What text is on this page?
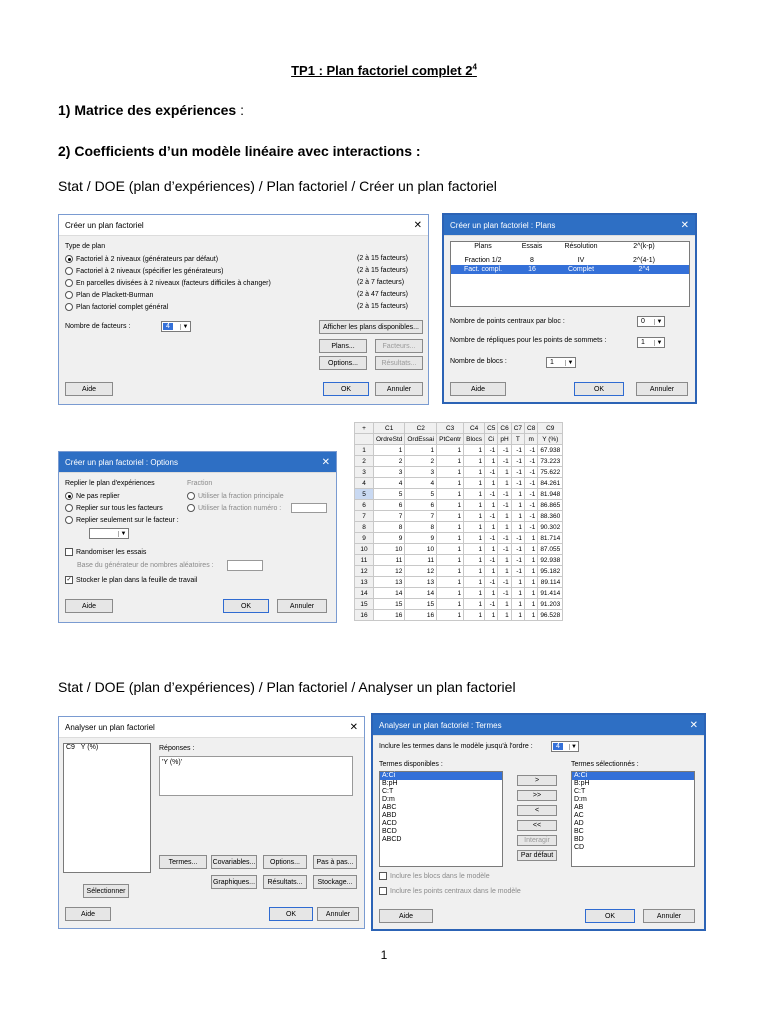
TP1 : Plan factoriel complet $2^4$
1) Matrice des expériences :
2) Coefficients d’un modèle linéaire avec interactions :
Stat / DOE (plan d’expériences) / Plan factoriel / Créer un plan factoriel
Stat / DOE (plan d’expériences) / Plan factoriel / Analyser un plan factoriel
1
Créer un plan factoriel	✕
Type de plan
Factoriel à 2 niveaux (générateurs par défaut)	(2 à 15 facteurs)
Factoriel à 2 niveaux (spécifier les générateurs)	(2 à 15 facteurs)
En parcelles divisées à 2 niveaux (facteurs difficiles à changer)	(2 à 7 facteurs)
Plan de Plackett-Burman	(2 à 47 facteurs)
Plan factoriel complet général	(2 à 15 facteurs)
Nombre de facteurs :	4	▼	Afficher les plans disponibles...
Plans...	Facteurs...
Options...	Résultats...
Aide	OK	Annuler
Créer un plan factoriel : Plans	✕
Plans	Essais	Résolution	2^(k-p)
Fraction 1/2	8	IV	2^(4-1)
Fact. compl.	16	Complet	2^4
Nombre de points centraux par bloc :	0	▼
Nombre de répliques pour les points de sommets :	1	▼
Nombre de blocs :	1	▼
Aide	OK	Annuler
Créer un plan factoriel : Options	✕
Replier le plan d'expériences
Ne pas replier
Replier sur tous les facteurs
Replier seulement sur le facteur :
▼
Fraction
Utiliser la fraction principale
Utiliser la fraction numéro :
Randomiser les essais
Base du générateur de nombres aléatoires :
✓ Stocker le plan dans la feuille de travail
Aide	OK	Annuler
+	C1	C2	C3	C4	C5	C6	C7	C8	C9
	OrdreStd	OrdEssai	PtCentr	Blocs	Ci	pH	T	m	Y (%)
1	1	1	1	1	-1	-1	-1	-1	67.938
2	2	2	1	1	1	-1	-1	-1	73.223
3	3	3	1	1	-1	1	-1	-1	75.622
4	4	4	1	1	1	1	-1	-1	84.261
5	5	5	1	1	-1	-1	1	-1	81.948
6	6	6	1	1	1	-1	1	-1	86.865
7	7	7	1	1	-1	1	1	-1	88.360
8	8	8	1	1	1	1	1	-1	90.302
9	9	9	1	1	-1	-1	-1	1	81.714
10	10	10	1	1	1	-1	-1	1	87.055
11	11	11	1	1	-1	1	-1	1	92.938
12	12	12	1	1	1	1	-1	1	95.182
13	13	13	1	1	-1	-1	1	1	89.114
14	14	14	1	1	1	-1	1	1	91.414
15	15	15	1	1	-1	1	1	1	91.203
16	16	16	1	1	1	1	1	1	96.528
Analyser un plan factoriel	✕
C9 Y (%)	Réponses :
'Y (%)'
Termes...	Covariables...	Options...	Pas à pas...
Graphiques...	Résultats...	Stockage...
Sélectionner
Aide	OK	Annuler
Analyser un plan factoriel : Termes	✕
Inclure les termes dans le modèle jusqu'à l'ordre :	4	▼
Termes disponibles :
A:Ci
B:pH
C:T
D:m
ABC
ABD
ACD
BCD
ABCD
Termes sélectionnés :
A:Ci
B:pH
C:T
D:m
AB
AC
AD
BC
BD
CD
>
>>
<
<<
Interagir
Par défaut
Inclure les blocs dans le modèle
Inclure les points centraux dans le modèle
Aide	OK	Annuler
